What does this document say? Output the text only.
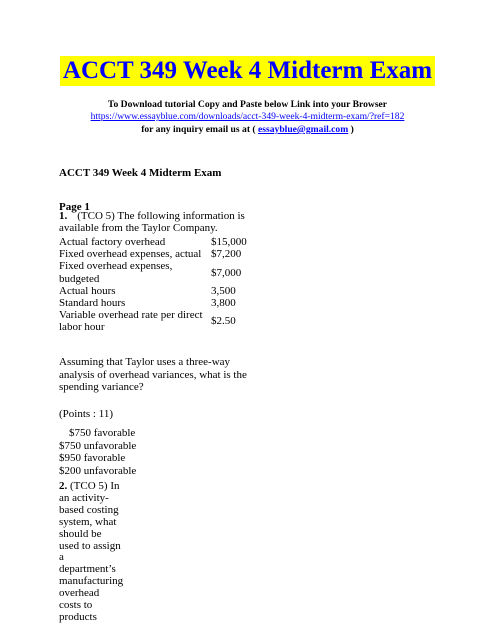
ACCT 349 Week 4 Midterm Exam
To Download tutorial Copy and Paste below Link into your Browser
https://www.essayblue.com/downloads/acct-349-week-4-midterm-exam/?ref=182
for any inquiry email us at ( essayblue@gmail.com )
ACCT 349 Week 4 Midterm Exam
Page 1
1. (TCO 5) The following information is available from the Taylor Company.
Actual factory overhead	$15,000
Fixed overhead expenses, actual	$7,200
Fixed overhead expenses, budgeted	$7,000
Actual hours	3,500
Standard hours	3,800
Variable overhead rate per direct labor hour	$2.50
Assuming that Taylor uses a three-way analysis of overhead variances, what is the spending variance?
(Points : 11)
$750 favorable
$750 unfavorable
$950 favorable
$200 unfavorable
2. (TCO 5) In an activity-based costing system, what should be used to assign a department’s manufacturing overhead costs to products
